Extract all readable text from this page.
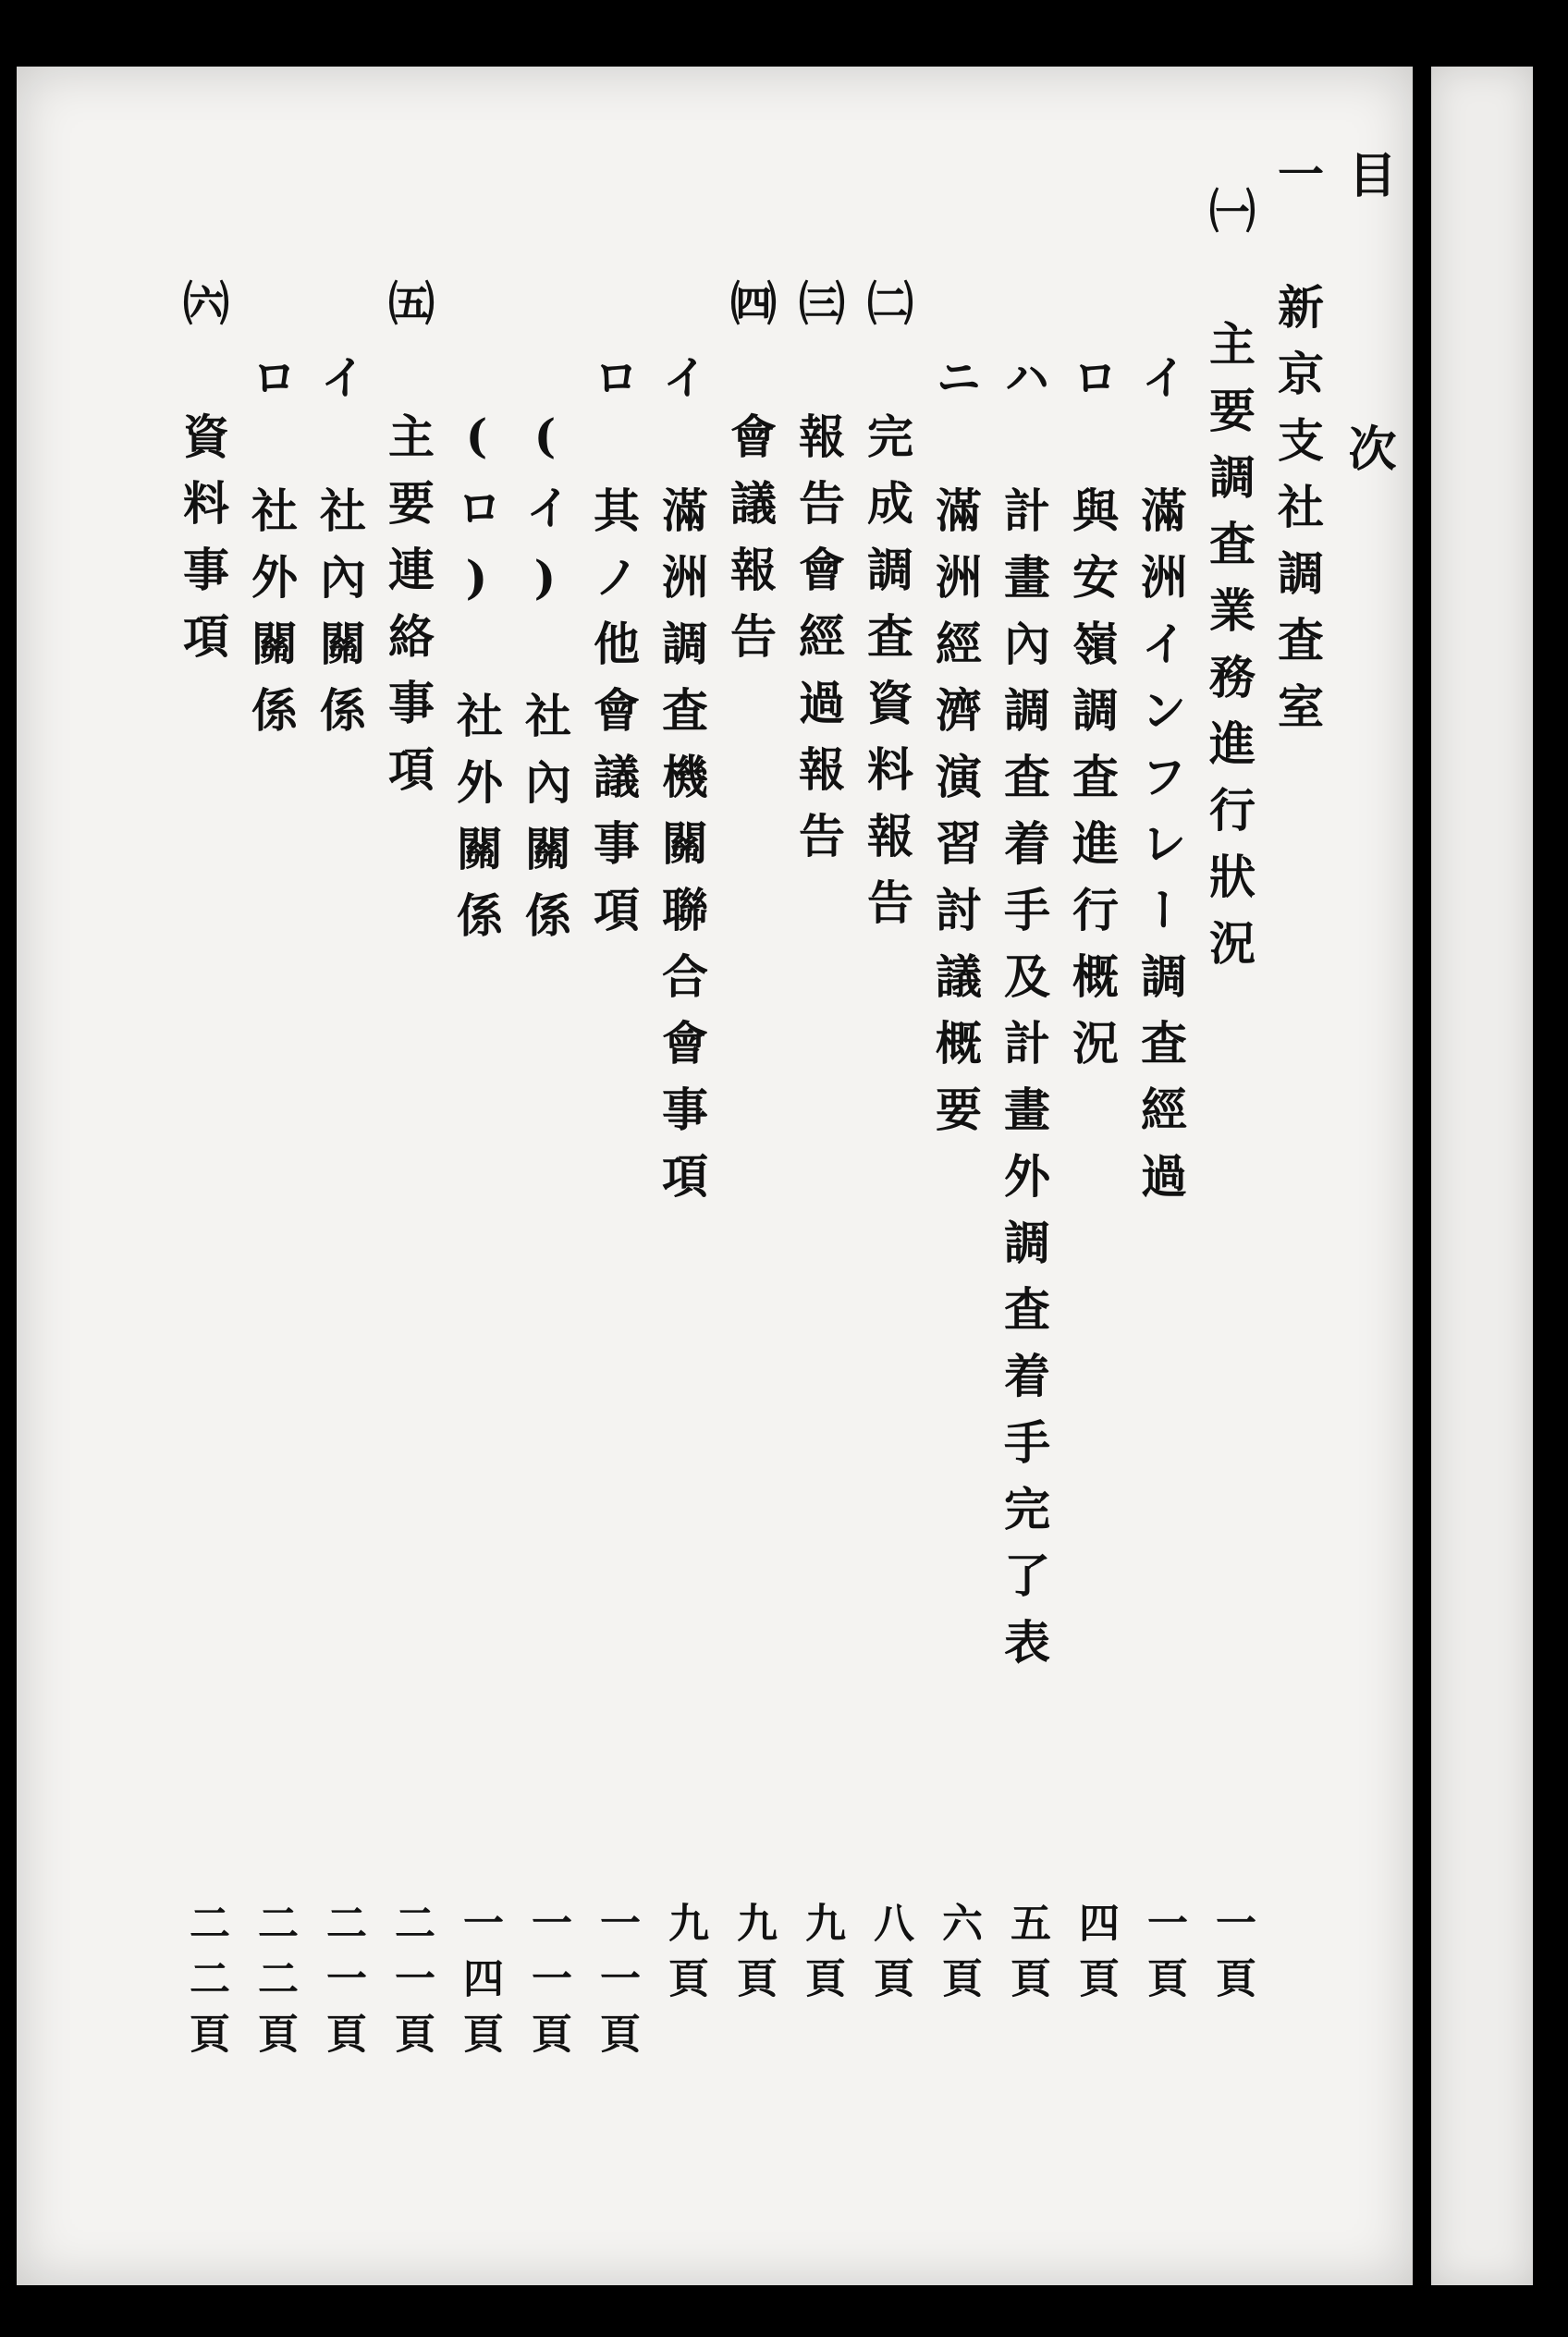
目　　　次
一　新京支社調査室
㈠　主要調査業務進行狀況
イ　滿洲インフレー調査經過
ロ　與安嶺調査進行概況
ハ　計畫內調査着手及計畫外調査着手完了表
ニ　滿洲經濟演習討議概要
㈡　完成調査資料報告
㈢　報告會經過報告
㈣　會議報告
イ　滿洲調査機關聯合會事項
ロ　其ノ他會議事項
(イ)　社內關係
(ロ)　社外關係
㈤　主要連絡事項
イ　社內關係
ロ　社外關係
㈥　資料事項
一頁
一頁
四頁
五頁
六頁
八頁
九頁
九頁
九頁
一一頁
一一頁
一四頁
二一頁
二一頁
二二頁
二二頁
